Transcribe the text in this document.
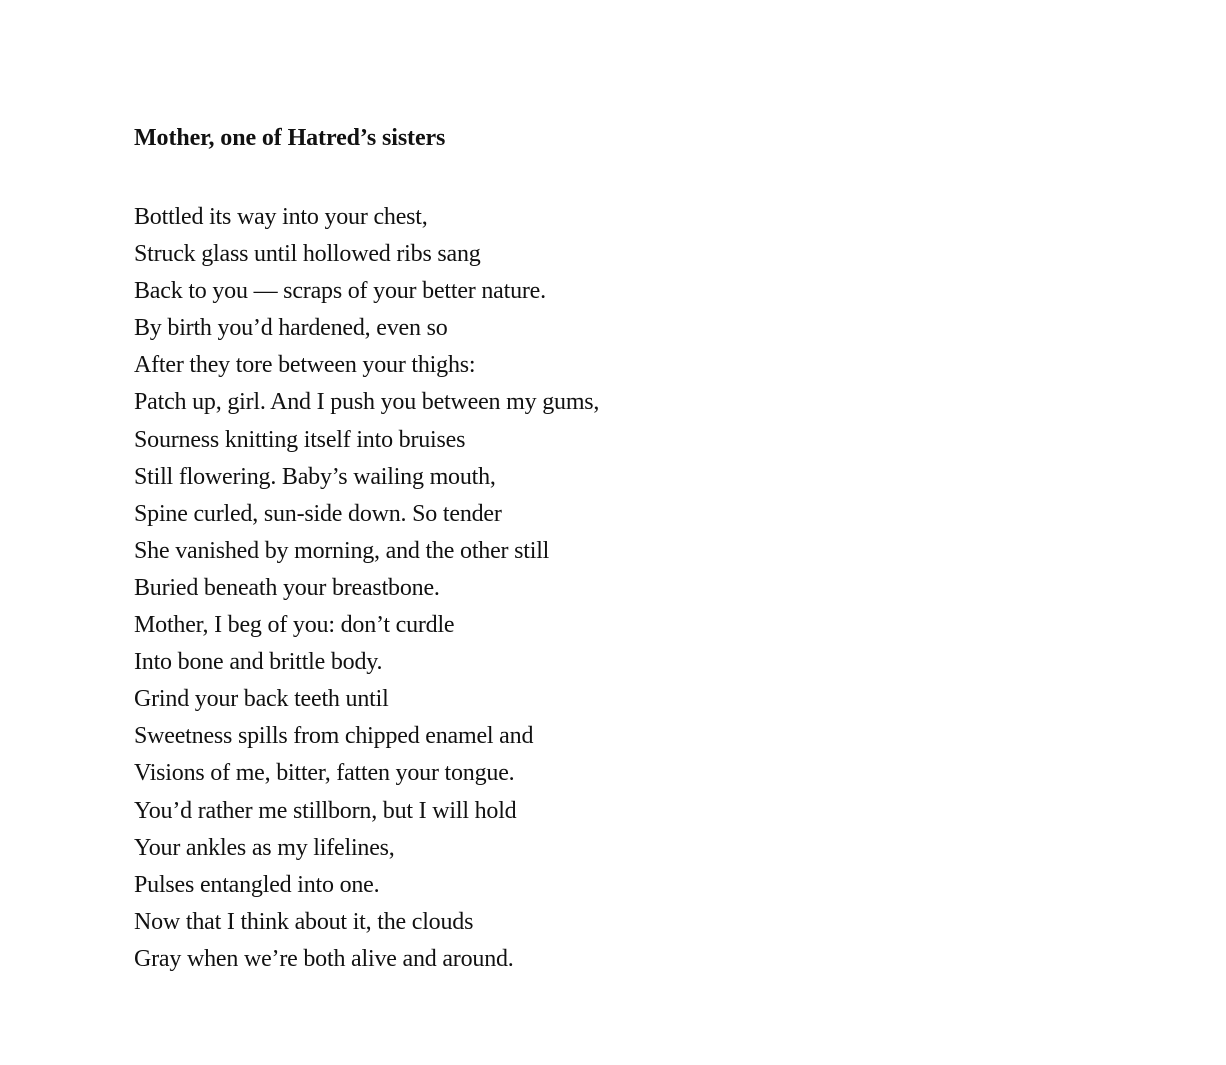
Mother, one of Hatred’s sisters
Bottled its way into your chest,
Struck glass until hollowed ribs sang
Back to you — scraps of your better nature.
By birth you’d hardened, even so
After they tore between your thighs:
Patch up, girl. And I push you between my gums,
Sourness knitting itself into bruises
Still flowering. Baby’s wailing mouth,
Spine curled, sun-side down. So tender
She vanished by morning, and the other still
Buried beneath your breastbone.
Mother, I beg of you: don’t curdle
Into bone and brittle body.
Grind your back teeth until
Sweetness spills from chipped enamel and
Visions of me, bitter, fatten your tongue.
You’d rather me stillborn, but I will hold
Your ankles as my lifelines,
Pulses entangled into one.
Now that I think about it, the clouds
Gray when we’re both alive and around.
